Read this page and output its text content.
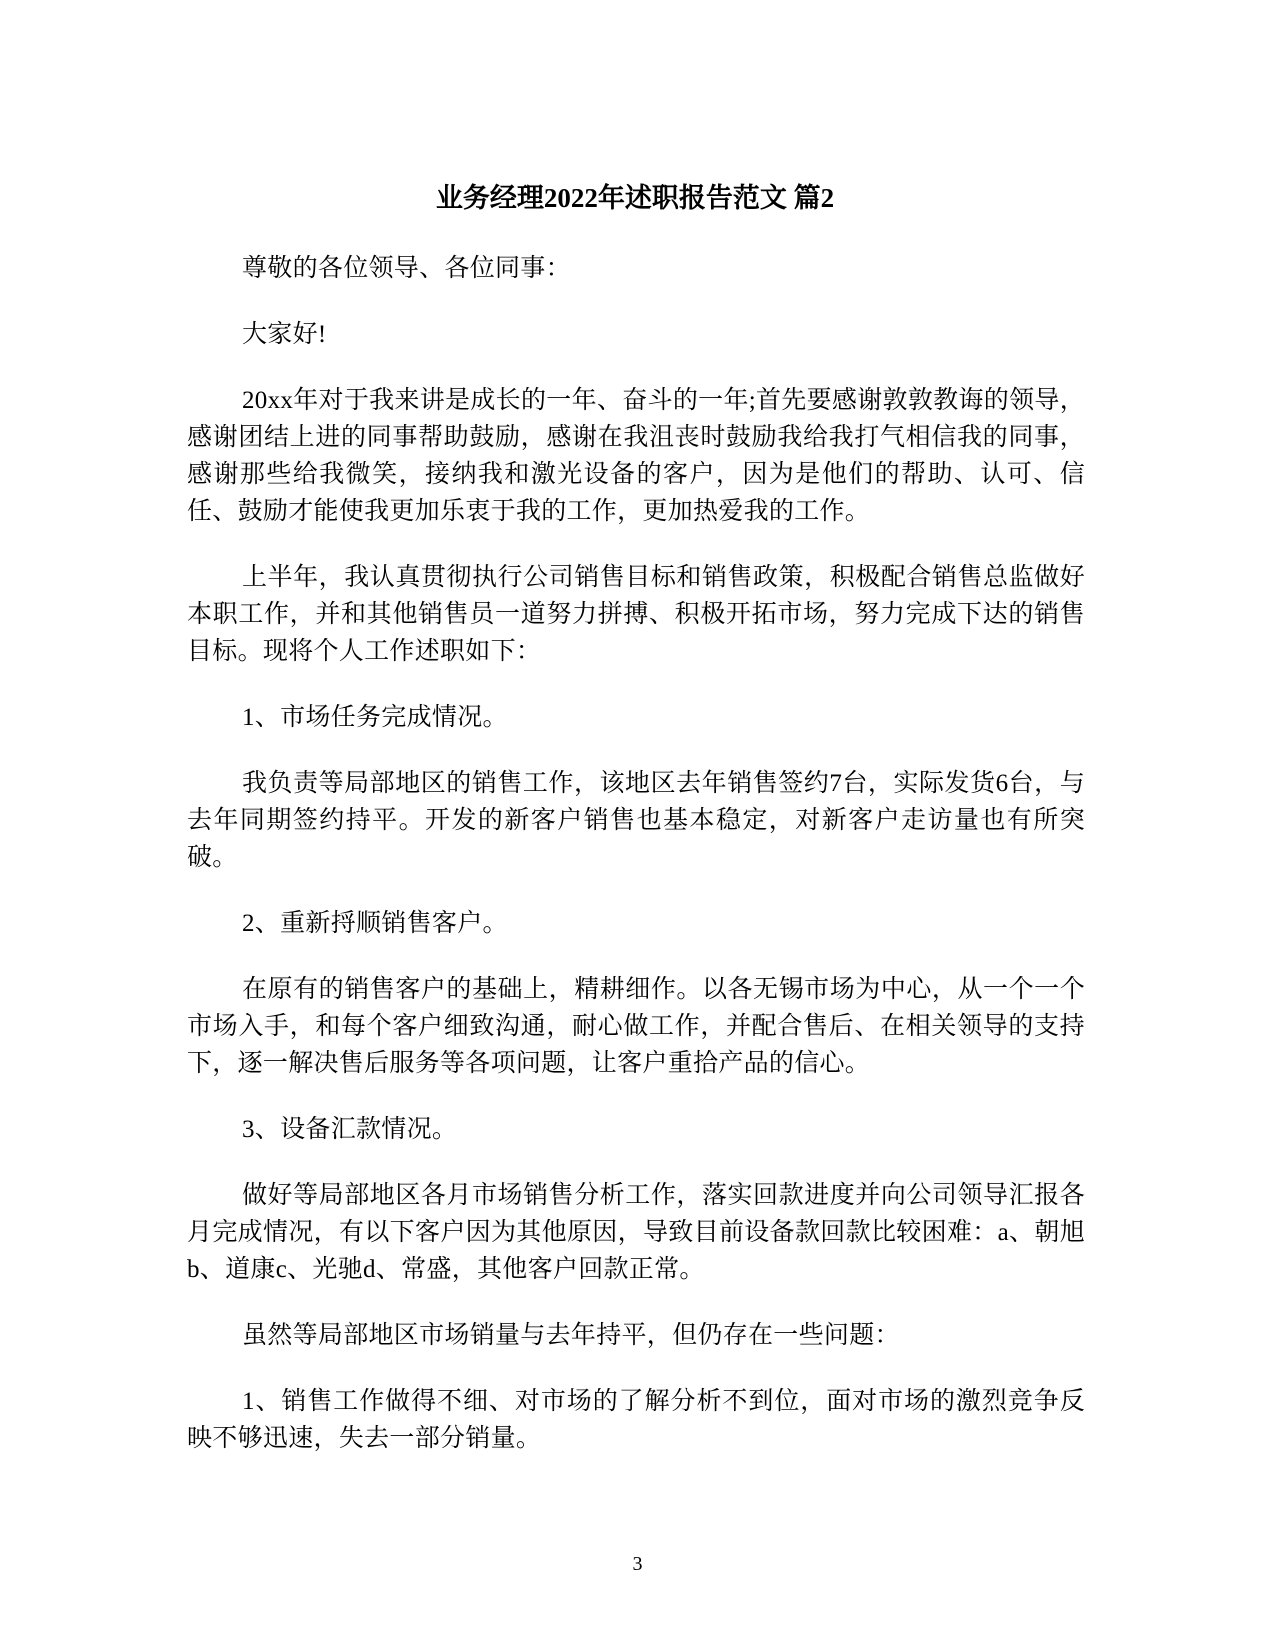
业务经理2022年述职报告范文 篇2

尊敬的各位领导、各位同事：

大家好!

20xx年对于我来讲是成长的一年、奋斗的一年;首先要感谢敦敦教诲的领导，感谢团结上进的同事帮助鼓励，感谢在我沮丧时鼓励我给我打气相信我的同事，感谢那些给我微笑，接纳我和激光设备的客户，因为是他们的帮助、认可、信任、鼓励才能使我更加乐衷于我的工作，更加热爱我的工作。

上半年，我认真贯彻执行公司销售目标和销售政策，积极配合销售总监做好本职工作，并和其他销售员一道努力拼搏、积极开拓市场，努力完成下达的销售目标。现将个人工作述职如下：

1、市场任务完成情况。

我负责等局部地区的销售工作，该地区去年销售签约7台，实际发货6台，与去年同期签约持平。开发的新客户销售也基本稳定，对新客户走访量也有所突破。

2、重新捋顺销售客户。

在原有的销售客户的基础上，精耕细作。以各无锡市场为中心，从一个一个市场入手，和每个客户细致沟通，耐心做工作，并配合售后、在相关领导的支持下，逐一解决售后服务等各项问题，让客户重拾产品的信心。

3、设备汇款情况。

做好等局部地区各月市场销售分析工作，落实回款进度并向公司领导汇报各月完成情况，有以下客户因为其他原因，导致目前设备款回款比较困难：a、朝旭b、道康c、光驰d、常盛，其他客户回款正常。

虽然等局部地区市场销量与去年持平，但仍存在一些问题：

1、销售工作做得不细、对市场的了解分析不到位，面对市场的激烈竞争反映不够迅速，失去一部分销量。

3
